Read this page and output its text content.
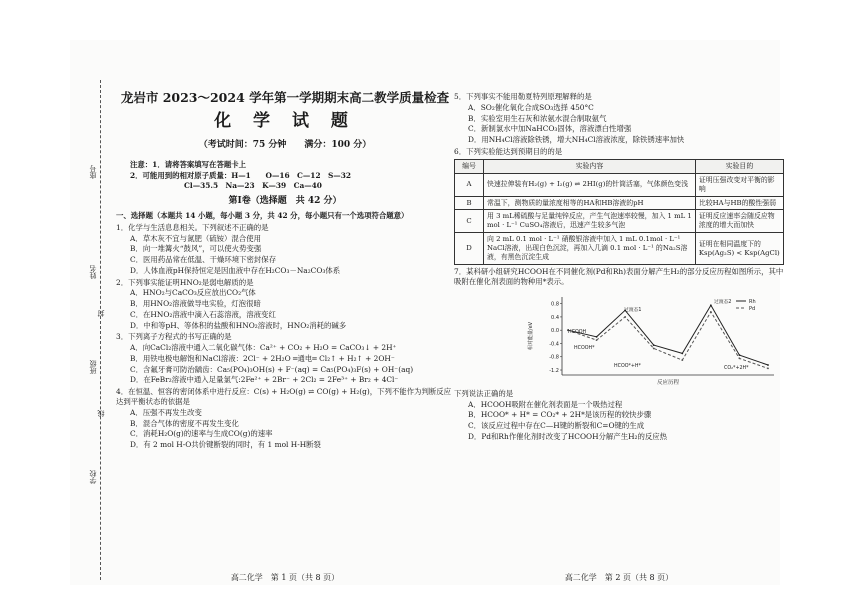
座号
姓名
封
班级
线
学校
龙岩市 2023～2024 学年第一学期期末高二教学质量检查
化 学 试 题
（考试时间：75 分钟　　满分：100 分）
注意：1．请将答案填写在答题卡上
2．可能用到的相对原子质量：H—1　　O—16　C—12　S—32
Cl—35.5　Na—23　K—39　Ca—40
第Ⅰ卷（选择题　共 42 分）
一、选择题（本题共 14 小题，每小题 3 分，共 42 分，每小题只有一个选项符合题意）
1．化学与生活息息相关。下列叙述不正确的是
A．草木灰不宜与氮肥（硫铵）混合使用
B．向一堆篝火“鼓风”，可以使火势变强
C．医用药品常在低温、干燥环境下密封保存
D．人体血液pH保持恒定是因血液中存在H₂CO₃－Na₂CO₃体系
2．下列事实能证明HNO₂是弱电解质的是
A．HNO₂与CaCO₃反应放出CO₂气体
B．用HNO₂溶液做导电实验，灯泡很暗
C．在HNO₂溶液中滴入石蕊溶液，溶液变红
D．中和等pH、等体积的盐酸和HNO₂溶液时，HNO₂消耗的碱多
3．下列离子方程式的书写正确的是
A．向CaCl₂溶液中通入二氧化碳气体：Ca²⁺ + CO₂ + H₂O = CaCO₃↓ + 2H⁺
B．用铁电极电解饱和NaCl溶液：2Cl⁻ + 2H₂O ═通电═ Cl₂↑ + H₂↑ + 2OH⁻
C．含氟牙膏可防治龋齿：Ca₅(PO₄)₃OH(s) + F⁻(aq) = Ca₅(PO₄)₃F(s) + OH⁻(aq)
D．在FeBr₂溶液中通入足量氯气:2Fe²⁺ + 2Br⁻ + 2Cl₂ = 2Fe³⁺ + Br₂ + 4Cl⁻
4．在恒温、恒容的密闭体系中进行反应：C(s) + H₂O(g) ⇌ CO(g) + H₂(g)，下列不能作为判断反应达到平衡状态的依据是
A．压强不再发生改变
B．混合气体的密度不再发生变化
C．消耗H₂O(g)的速率与生成CO(g)的速率
D．有 2 mol H-O共价键断裂的同时，有 1 mol H-H断裂
5．下列事实不能用勒夏特列原理解释的是
A．SO₂催化氧化合成SO₃选择 450°C
B．实验室用生石灰和浓氨水混合制取氨气
C．新制氯水中加NaHCO₃固体，溶液漂白性增强
D．用NH₄Cl溶液除铁锈，增大NH₄Cl溶液浓度，除铁锈速率加快
6．下列实验能达到预期目的的是
编号	实验内容	实验目的
A	快速拉伸装有H₂(g) + I₂(g) ⇌ 2HI(g)的针筒活塞，气体颜色变浅	证明压强改变对平衡的影响
B	常温下，测物质的量浓度相等的HA和HB溶液的pH	比较HA与HB的酸性强弱
C	用 3 mL稀硫酸与足量纯锌反应，产生气泡速率较慢，加入 1 mL 1 mol · L⁻¹ CuSO₄溶液后，迅速产生较多气泡	证明反应速率会随反应物浓度的增大而加快
D	向 2 mL 0.1 mol · L⁻¹ 硝酸银溶液中加入 1 mL 0.1mol · L⁻¹ NaCl溶液，出现白色沉淀，再加入几滴 0.1 mol · L⁻¹ 的Na₂S溶液，有黑色沉淀生成	证明在相同温度下的 Ksp(Ag₂S) < Ksp(AgCl)
7．某科研小组研究HCOOH在不同催化剂(Pd和Rh)表面分解产生H₂的部分反应历程如图所示，其中吸附在催化剂表面的物种用*表示。
0.8
0.4
0.0
-0.4
-0.8
-1.2
相对能量/eV
反应历程
Rh
Pd
过渡态1
过渡态2
HCOOH*
HCOO*+H*	CO₂*+2H*
HCOOH
下列说法正确的是
A．HCOOH吸附在催化剂表面是一个吸热过程
B．HCOO* + H* = CO₂* + 2H*是该历程的较快步骤
C．该反应过程中存在C—H键的断裂和C=O键的生成
D．Pd和Rh作催化剂时改变了HCOOH分解产生H₂的反应热
